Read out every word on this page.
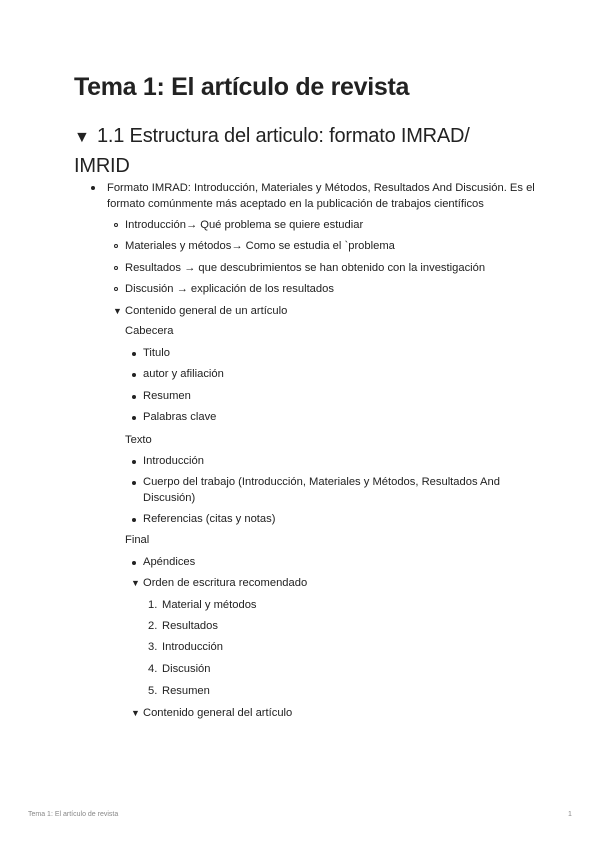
Tema 1: El artículo de revista
▼ 1.1 Estructura del articulo: formato IMRAD/ IMRID
Formato IMRAD: Introducción, Materiales y Métodos, Resultados And Discusión. Es el formato comúnmente más aceptado en la publicación de trabajos científicos
Introducción→ Qué problema se quiere estudiar
Materiales y métodos→ Como se estudia el `problema
Resultados → que descubrimientos se han obtenido con la investigación
Discusión → explicación de los resultados
▼ Contenido general de un artículo
Cabecera
Titulo
autor y afiliación
Resumen
Palabras clave
Texto
Introducción
Cuerpo del trabajo (Introducción, Materiales y Métodos, Resultados And Discusión)
Referencias (citas y notas)
Final
Apéndices
▼ Orden de escritura recomendado
1. Material y métodos
2. Resultados
3. Introducción
4. Discusión
5. Resumen
▼ Contenido general del artículo
Tema 1: El artículo de revista	1
